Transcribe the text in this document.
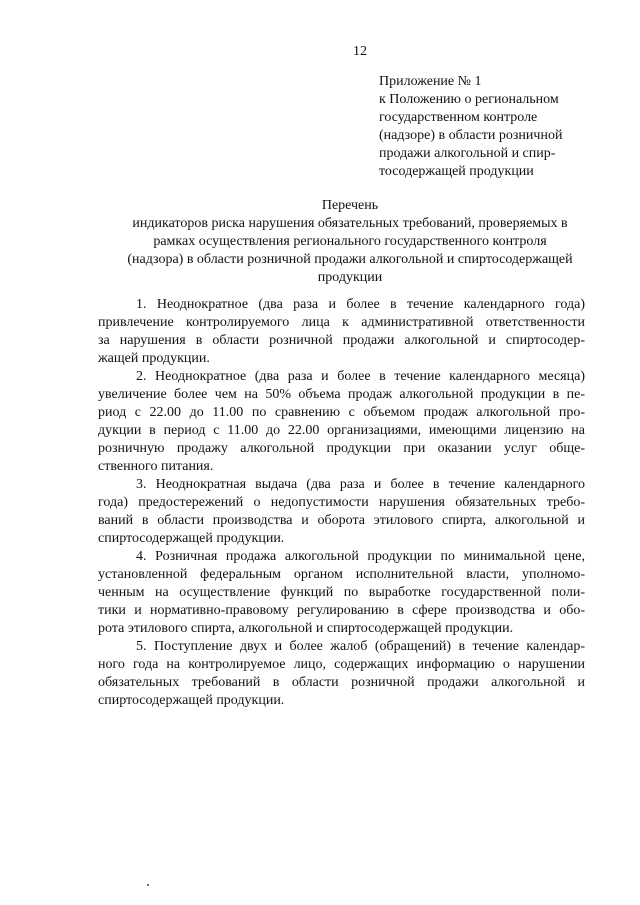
12
Приложение № 1
к Положению о региональном
государственном контроле
(надзоре) в области розничной
продажи алкогольной и спир-
тосодержащей продукции
Перечень
индикаторов риска нарушения обязательных требований, проверяемых в
рамках осуществления регионального государственного контроля
(надзора) в области розничной продажи алкогольной и спиртосодержащей
продукции
1. Неоднократное (два раза и более в течение календарного года)
привлечение контролируемого лица к административной ответственности
за нарушения в области розничной продажи алкогольной и спиртосодер-
жащей продукции.
2. Неоднократное (два раза и более в течение календарного месяца)
увеличение более чем на 50% объема продаж алкогольной продукции в пе-
риод с 22.00 до 11.00 по сравнению с объемом продаж алкогольной про-
дукции в период с 11.00 до 22.00 организациями, имеющими лицензию на
розничную продажу алкогольной продукции при оказании услуг обще-
ственного питания.
3. Неоднократная выдача (два раза и более в течение календарного
года) предостережений о недопустимости нарушения обязательных требо-
ваний в области производства и оборота этилового спирта, алкогольной и
спиртосодержащей продукции.
4. Розничная продажа алкогольной продукции по минимальной цене,
установленной федеральным органом исполнительной власти, уполномо-
ченным на осуществление функций по выработке государственной поли-
тики и нормативно-правовому регулированию в сфере производства и обо-
рота этилового спирта, алкогольной и спиртосодержащей продукции.
5. Поступление двух и более жалоб (обращений) в течение календар-
ного года на контролируемое лицо, содержащих информацию о нарушении
обязательных требований в области розничной продажи алкогольной и
спиртосодержащей продукции.
